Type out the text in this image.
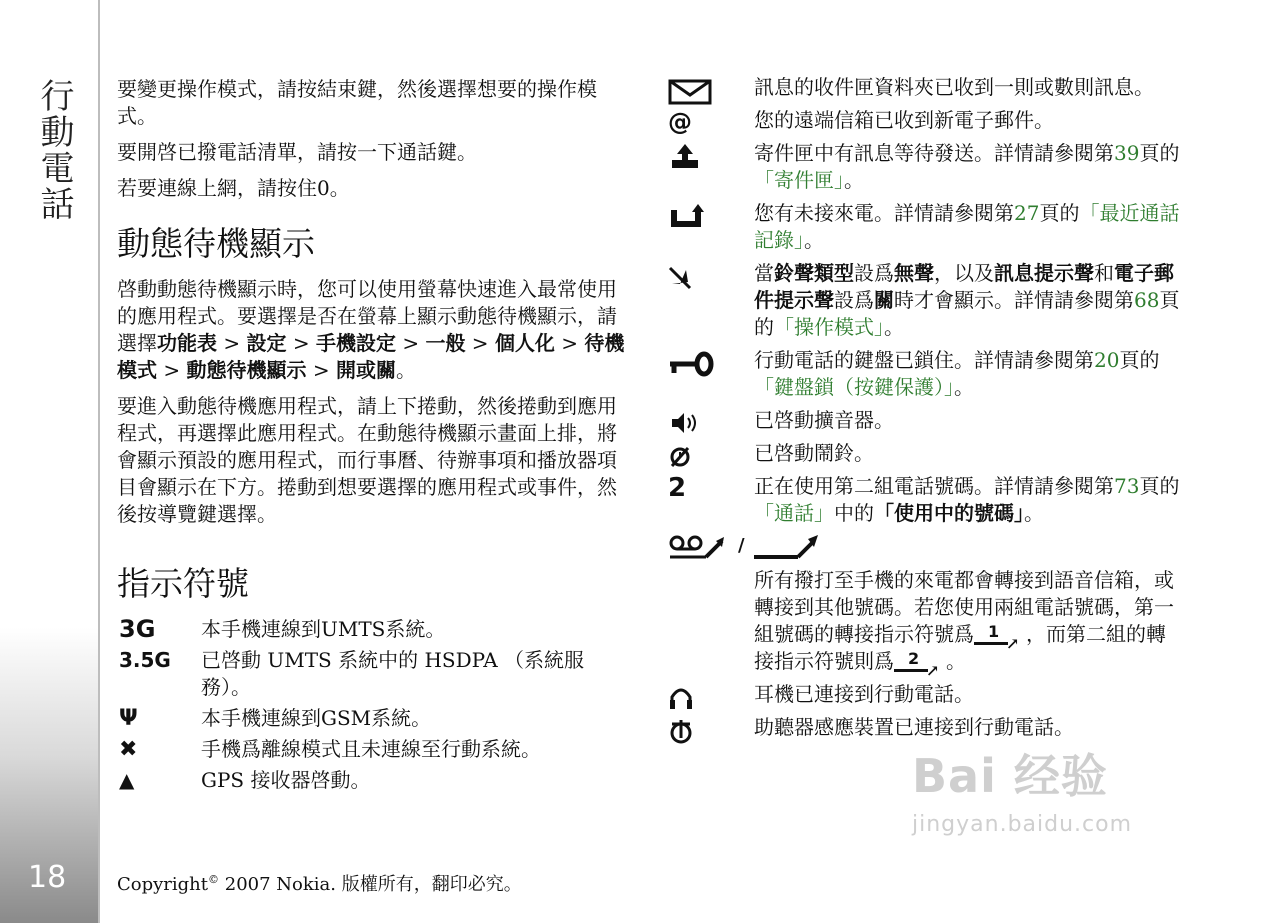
行動電話
18

要變更操作模式，請按結束鍵，然後選擇想要的操作模式。

要開啓已撥電話清單，請按一下通話鍵。

若要連線上網，請按住0。

動態待機顯示

啓動動態待機顯示時，您可以使用螢幕快速進入最常使用的應用程式。要選擇是否在螢幕上顯示動態待機顯示，請選擇功能表 > 設定 > 手機設定 > 一般 > 個人化 > 待機模式 > 動態待機顯示 > 開或關。

要進入動態待機應用程式，請上下捲動，然後捲動到應用程式，再選擇此應用程式。在動態待機顯示畫面上排，將會顯示預設的應用程式，而行事曆、待辦事項和播放器項目會顯示在下方。捲動到想要選擇的應用程式或事件，然後按導覽鍵選擇。

指示符號
3G 本手機連線到UMTS系統。
3.5G 已啓動 UMTS 系統中的 HSDPA （系統服務）。
Ψ	本手機連線到GSM系統。
✖	手機爲離線模式且未連線至行動系統。
▲	GPS 接收器啓動。
訊息的收件匣資料夾已收到一則或數則訊息。
@	您的遠端信箱已收到新電子郵件。
寄件匣中有訊息等待發送。詳情請參閱第39頁的「寄件匣」。
您有未接來電。詳情請參閱第27頁的「最近通話記錄」。
當鈴聲類型設爲無聲，以及訊息提示聲和電子郵件提示聲設爲關時才會顯示。詳情請參閱第68頁的「操作模式」。
行動電話的鍵盤已鎖住。詳情請參閱第20頁的「鍵盤鎖（按鍵保護）」。
已啓動擴音器。
已啓動鬧鈴。
2	正在使用第二組電話號碼。詳情請參閱第73頁的「通話」中的「使用中的號碼」。
/
所有撥打至手機的來電都會轉接到語音信箱，或轉接到其他號碼。若您使用兩組電話號碼，第一組號碼的轉接指示符號爲 1
↗ ，而第二組的轉接指示符號則爲 2
↗ 。
耳機已連接到行動電話。
助聽器感應裝置已連接到行動電話。
Copyright© 2007 Nokia. 版權所有，翻印必究。
Bai 经验
jingyan.baidu.com
